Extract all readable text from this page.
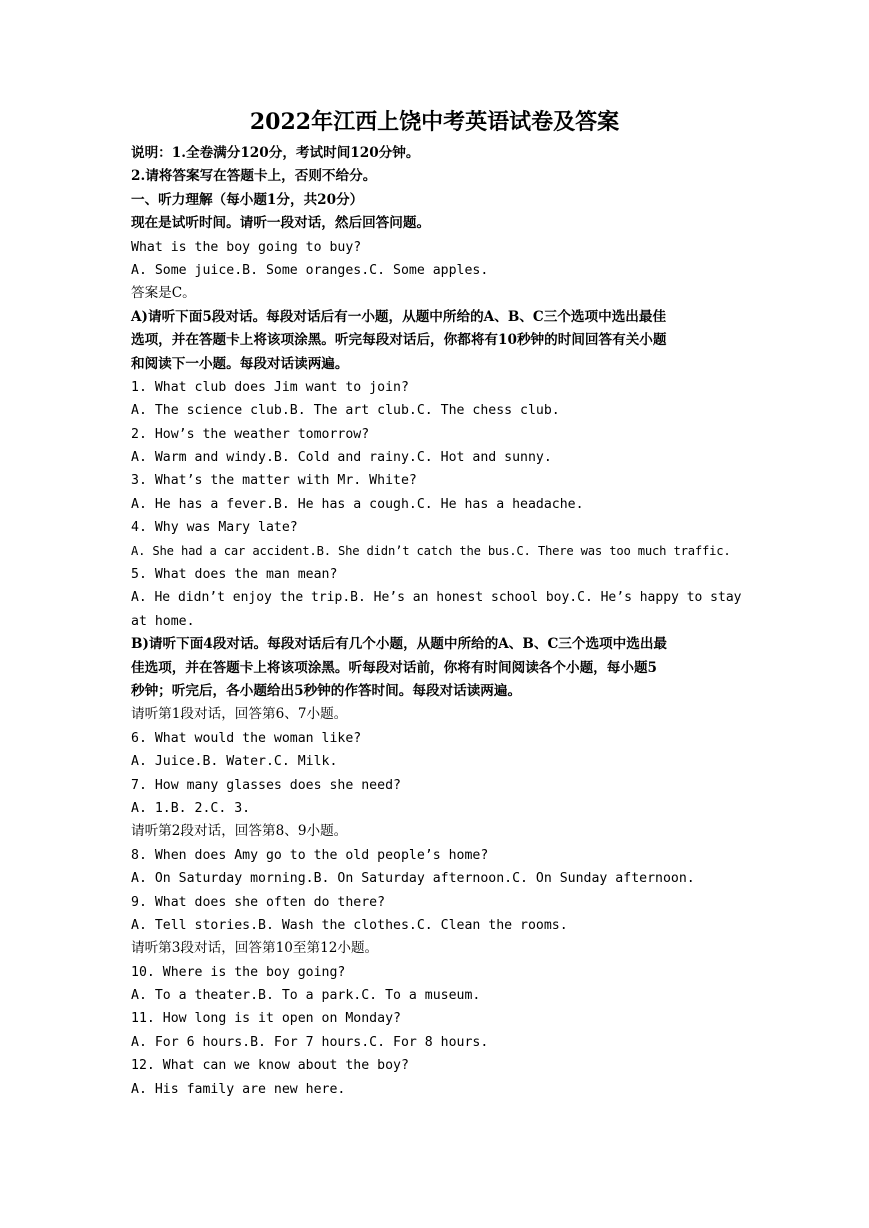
2022年江西上饶中考英语试卷及答案
说明：1.全卷满分120分，考试时间120分钟。
2.请将答案写在答题卡上，否则不给分。
一、听力理解（每小题1分，共20分）
现在是试听时间。请听一段对话，然后回答问题。
What is the boy going to buy?
A. Some juice.B. Some oranges.C. Some apples.
答案是C。
A)请听下面5段对话。每段对话后有一小题，从题中所给的A、B、C三个选项中选出最佳
选项，并在答题卡上将该项涂黑。听完每段对话后，你都将有10秒钟的时间回答有关小题
和阅读下一小题。每段对话读两遍。
1. What club does Jim want to join?
A. The science club.B. The art club.C. The chess club.
2. How’s the weather tomorrow?
A. Warm and windy.B. Cold and rainy.C. Hot and sunny.
3. What’s the matter with Mr. White?
A. He has a fever.B. He has a cough.C. He has a headache.
4. Why was Mary late?
A. She had a car accident.B. She didn’t catch the bus.C. There was too much traffic.
5. What does the man mean?
A. He didn’t enjoy the trip.B. He’s an honest school boy.C. He’s happy to stay
at home.
B)请听下面4段对话。每段对话后有几个小题，从题中所给的A、B、C三个选项中选出最
佳选项，并在答题卡上将该项涂黑。听每段对话前，你将有时间阅读各个小题，每小题5
秒钟；听完后，各小题给出5秒钟的作答时间。每段对话读两遍。
请听第1段对话，回答第6、7小题。
6. What would the woman like?
A. Juice.B. Water.C. Milk.
7. How many glasses does she need?
A. 1.B. 2.C. 3.
请听第2段对话，回答第8、9小题。
8. When does Amy go to the old people’s home?
A. On Saturday morning.B. On Saturday afternoon.C. On Sunday afternoon.
9. What does she often do there?
A. Tell stories.B. Wash the clothes.C. Clean the rooms.
请听第3段对话，回答第10至第12小题。
10. Where is the boy going?
A. To a theater.B. To a park.C. To a museum.
11. How long is it open on Monday?
A. For 6 hours.B. For 7 hours.C. For 8 hours.
12. What can we know about the boy?
A. His family are new here.
